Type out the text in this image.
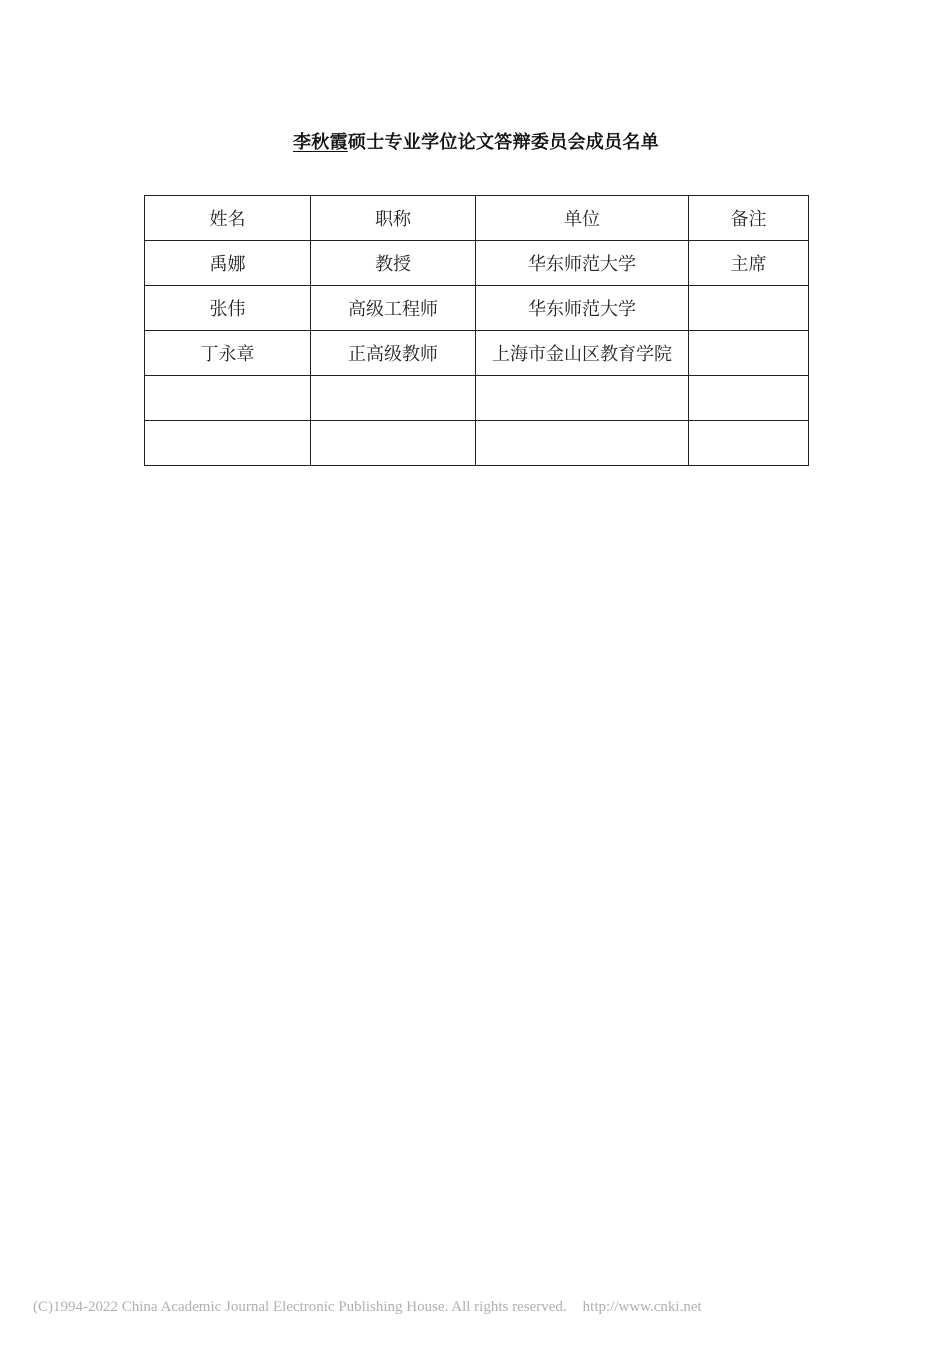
李秋霞硕士专业学位论文答辩委员会成员名单
姓名	职称	单位	备注
禹娜	教授	华东师范大学	主席
张伟	高级工程师	华东师范大学	
丁永章	正高级教师	上海市金山区教育学院	

(C)1994-2022 China Academic Journal Electronic Publishing House. All rights reserved. http://www.cnki.net
